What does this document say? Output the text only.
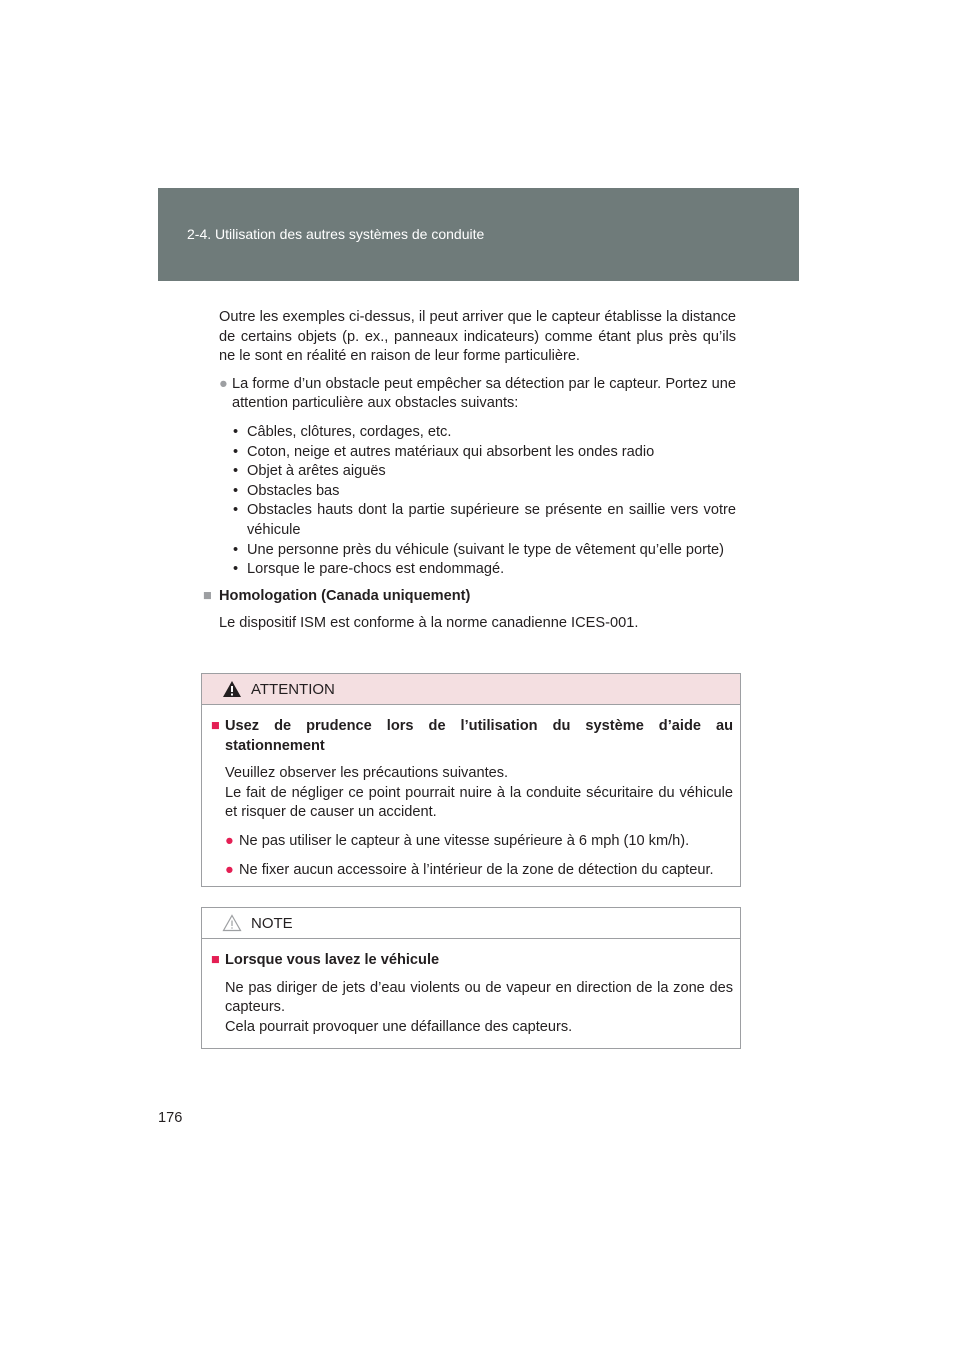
2-4. Utilisation des autres systèmes de conduite

Outre les exemples ci-dessus, il peut arriver que le capteur établisse la distance de certains objets (p. ex., panneaux indicateurs) comme étant plus près qu’ils ne le sont en réalité en raison de leur forme particulière.

● La forme d’un obstacle peut empêcher sa détection par le capteur. Portez une attention particulière aux obstacles suivants:

• Câbles, clôtures, cordages, etc.
• Coton, neige et autres matériaux qui absorbent les ondes radio
• Objet à arêtes aiguës
• Obstacles bas
• Obstacles hauts dont la partie supérieure se présente en saillie vers votre véhicule
• Une personne près du véhicule (suivant le type de vêtement qu’elle porte)
• Lorsque le pare-chocs est endommagé.
■ Homologation (Canada uniquement)

Le dispositif ISM est conforme à la norme canadienne ICES-001.

ATTENTION
■ Usez de prudence lors de l’utilisation du système d’aide au stationnement

Veuillez observer les précautions suivantes.

Le fait de négliger ce point pourrait nuire à la conduite sécuritaire du véhicule et risquer de causer un accident.

● Ne pas utiliser le capteur à une vitesse supérieure à 6 mph (10 km/h).
● Ne fixer aucun accessoire à l’intérieur de la zone de détection du capteur.
NOTE
■ Lorsque vous lavez le véhicule

Ne pas diriger de jets d’eau violents ou de vapeur en direction de la zone des capteurs.

Cela pourrait provoquer une défaillance des capteurs.

176
